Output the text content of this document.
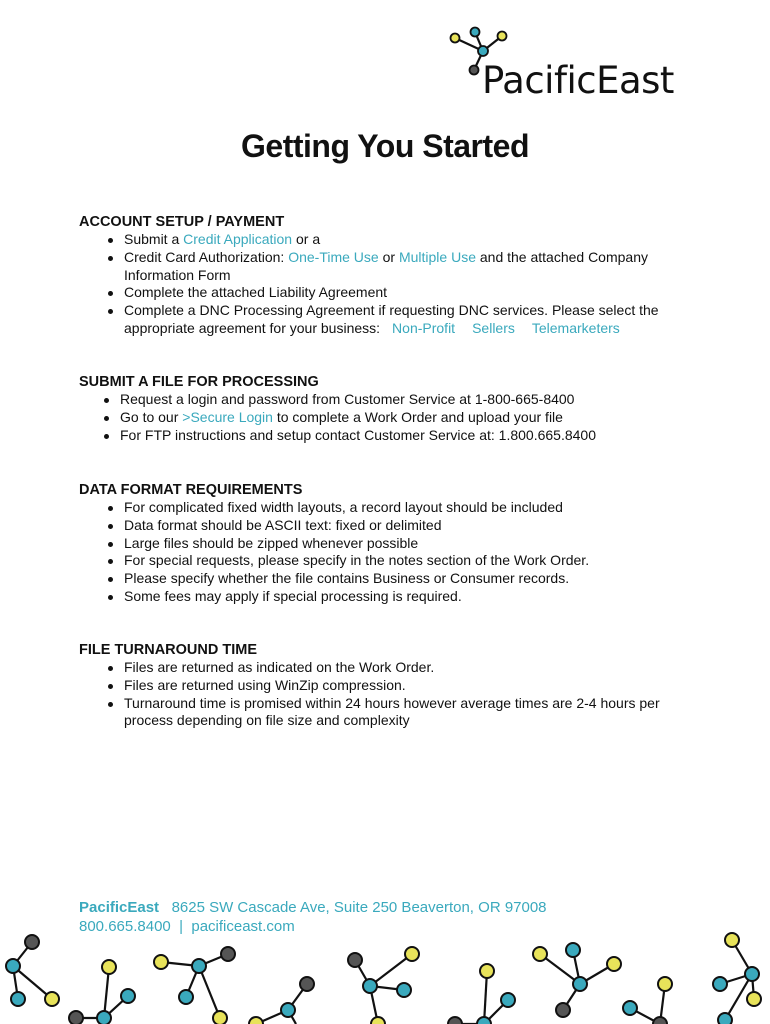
PacificEast
Getting You Started

ACCOUNT SETUP / PAYMENT

Submit a Credit Application or a
Credit Card Authorization: One-Time Use or Multiple Use and the attached Company Information Form
Complete the attached Liability Agreement
Complete a DNC Processing Agreement if requesting DNC services. Please select the appropriate agreement for your business: Non-Profit Sellers Telemarketers

SUBMIT A FILE FOR PROCESSING

Request a login and password from Customer Service at 1-800-665-8400
Go to our >Secure Login to complete a Work Order and upload your file
For FTP instructions and setup contact Customer Service at: 1.800.665.8400

DATA FORMAT REQUIREMENTS

For complicated fixed width layouts, a record layout should be included
Data format should be ASCII text: fixed or delimited
Large files should be zipped whenever possible
For special requests, please specify in the notes section of the Work Order.
Please specify whether the file contains Business or Consumer records.
Some fees may apply if special processing is required.

FILE TURNAROUND TIME

Files are returned as indicated on the Work Order.
Files are returned using WinZip compression.
Turnaround time is promised within 24 hours however average times are 2-4 hours per process depending on file size and complexity
PacificEast 8625 SW Cascade Ave, Suite 250 Beaverton, OR 97008
800.665.8400 | pacificeast.com
